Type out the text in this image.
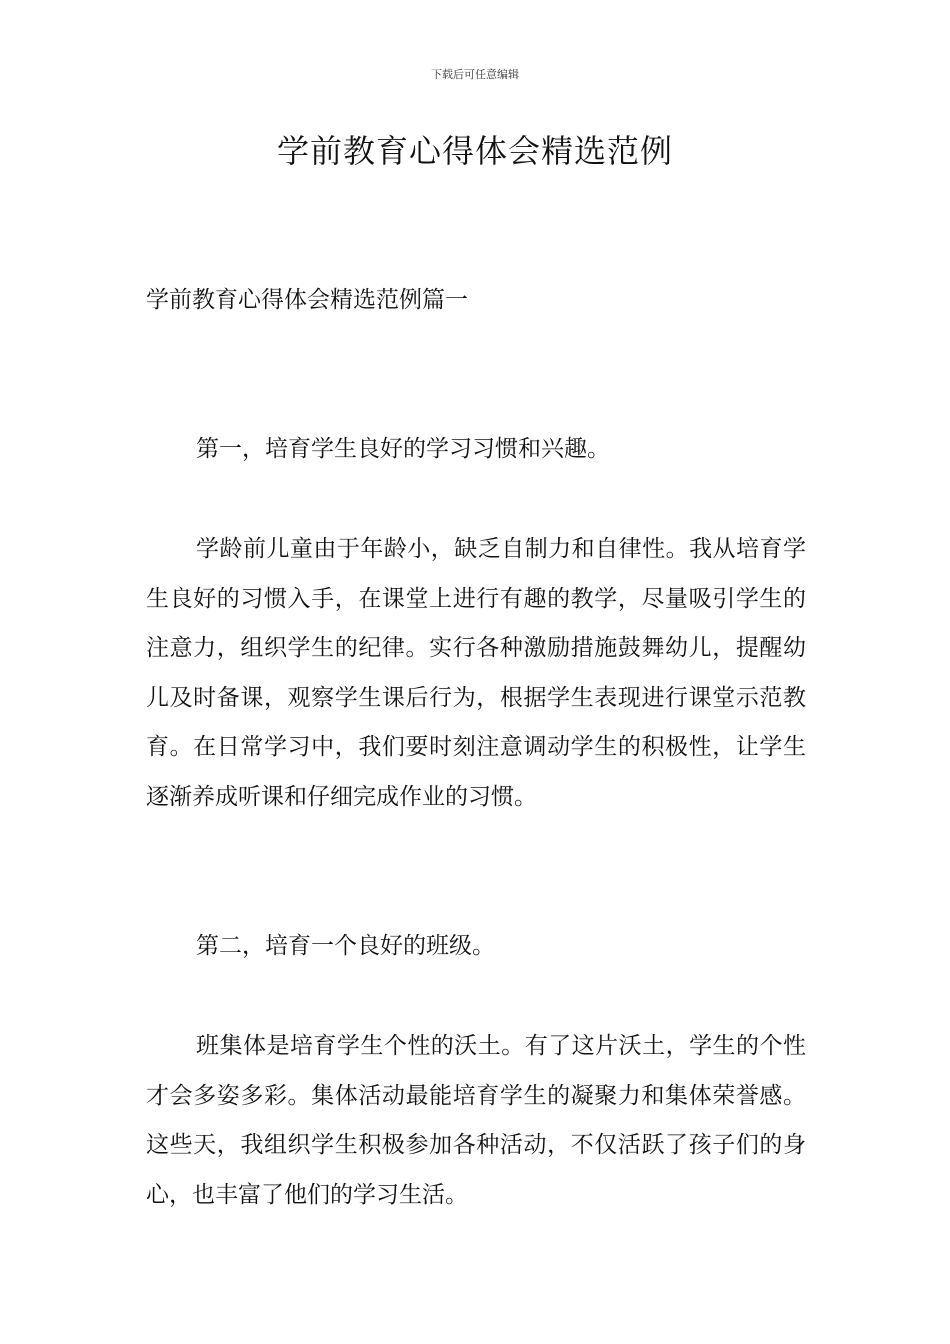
下载后可任意编辑
学前教育心得体会精选范例
学前教育心得体会精选范例篇一

第一，培育学生良好的学习习惯和兴趣。

学龄前儿童由于年龄小，缺乏自制力和自律性。我从培育学生良好的习惯入手，在课堂上进行有趣的教学，尽量吸引学生的注意力，组织学生的纪律。实行各种激励措施鼓舞幼儿，提醒幼儿及时备课，观察学生课后行为，根据学生表现进行课堂示范教育。在日常学习中，我们要时刻注意调动学生的积极性，让学生逐渐养成听课和仔细完成作业的习惯。

第二，培育一个良好的班级。

班集体是培育学生个性的沃土。有了这片沃土，学生的个性才会多姿多彩。集体活动最能培育学生的凝聚力和集体荣誉感。这些天，我组织学生积极参加各种活动，不仅活跃了孩子们的身心，也丰富了他们的学习生活。
